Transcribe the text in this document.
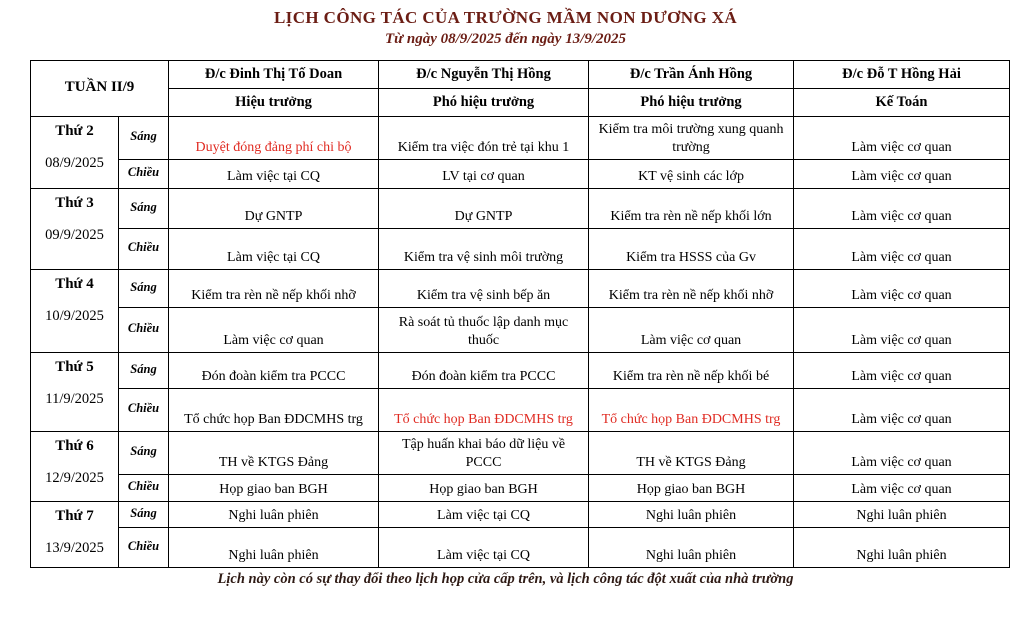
LỊCH CÔNG TÁC CỦA TRƯỜNG MẦM NON DƯƠNG XÁ
Từ ngày 08/9/2025 đến ngày 13/9/2025
TUẦN II/9		Đ/c Đinh Thị Tố Doan	Đ/c Nguyễn Thị Hồng	Đ/c Trần Ánh Hồng	Đ/c Đỗ T Hồng Hải
		Hiệu trưởng	Phó hiệu trưởng	Phó hiệu trưởng	Kế Toán

Thứ 2
08/9/2025	Sáng	Duyệt đóng đảng phí chi bộ	Kiểm tra việc đón trẻ tại khu 1	Kiểm tra môi trường xung quanh trường	Làm việc cơ quan
	Chiều	Làm việc tại CQ	LV tại cơ quan	KT vệ sinh các lớp	Làm việc cơ quan

Thứ 3
09/9/2025	Sáng	Dự GNTP	Dự GNTP	Kiểm tra rèn nề nếp khối lớn	Làm việc cơ quan
	Chiều	Làm việc tại CQ	Kiểm tra vệ sinh môi trường	Kiểm tra HSSS của Gv	Làm việc cơ quan

Thứ 4
10/9/2025	Sáng	Kiểm tra rèn nề nếp khối nhỡ	Kiểm tra vệ sinh bếp ăn	Kiểm tra rèn nề nếp khối nhỡ	Làm việc cơ quan
	Chiều	Làm việc cơ quan	Rà soát tủ thuốc lập danh mục thuốc	Làm việc cơ quan	Làm việc cơ quan

Thứ 5
11/9/2025	Sáng	Đón đoàn kiểm tra PCCC	Đón đoàn kiểm tra PCCC	Kiểm tra rèn nề nếp khối bé	Làm việc cơ quan
	Chiều	Tổ chức họp Ban ĐDCMHS trg	Tổ chức họp Ban ĐDCMHS trg	Tổ chức họp Ban ĐDCMHS trg	Làm việc cơ quan

Thứ 6
12/9/2025	Sáng	TH về KTGS Đảng	Tập huấn khai báo dữ liệu về PCCC	TH về KTGS Đảng	Làm việc cơ quan
	Chiều	Họp giao ban BGH	Họp giao ban BGH	Họp giao ban BGH	Làm việc cơ quan

Thứ 7
13/9/2025	Sáng	Nghi luân phiên	Làm việc tại CQ	Nghi luân phiên	Nghi luân phiên
	Chiều	Nghi luân phiên	Làm việc tại CQ	Nghi luân phiên	Nghi luân phiên
Lịch này còn có sự thay đổi theo lịch họp cửa cấp trên, và lịch công tác đột xuất của nhà trường
